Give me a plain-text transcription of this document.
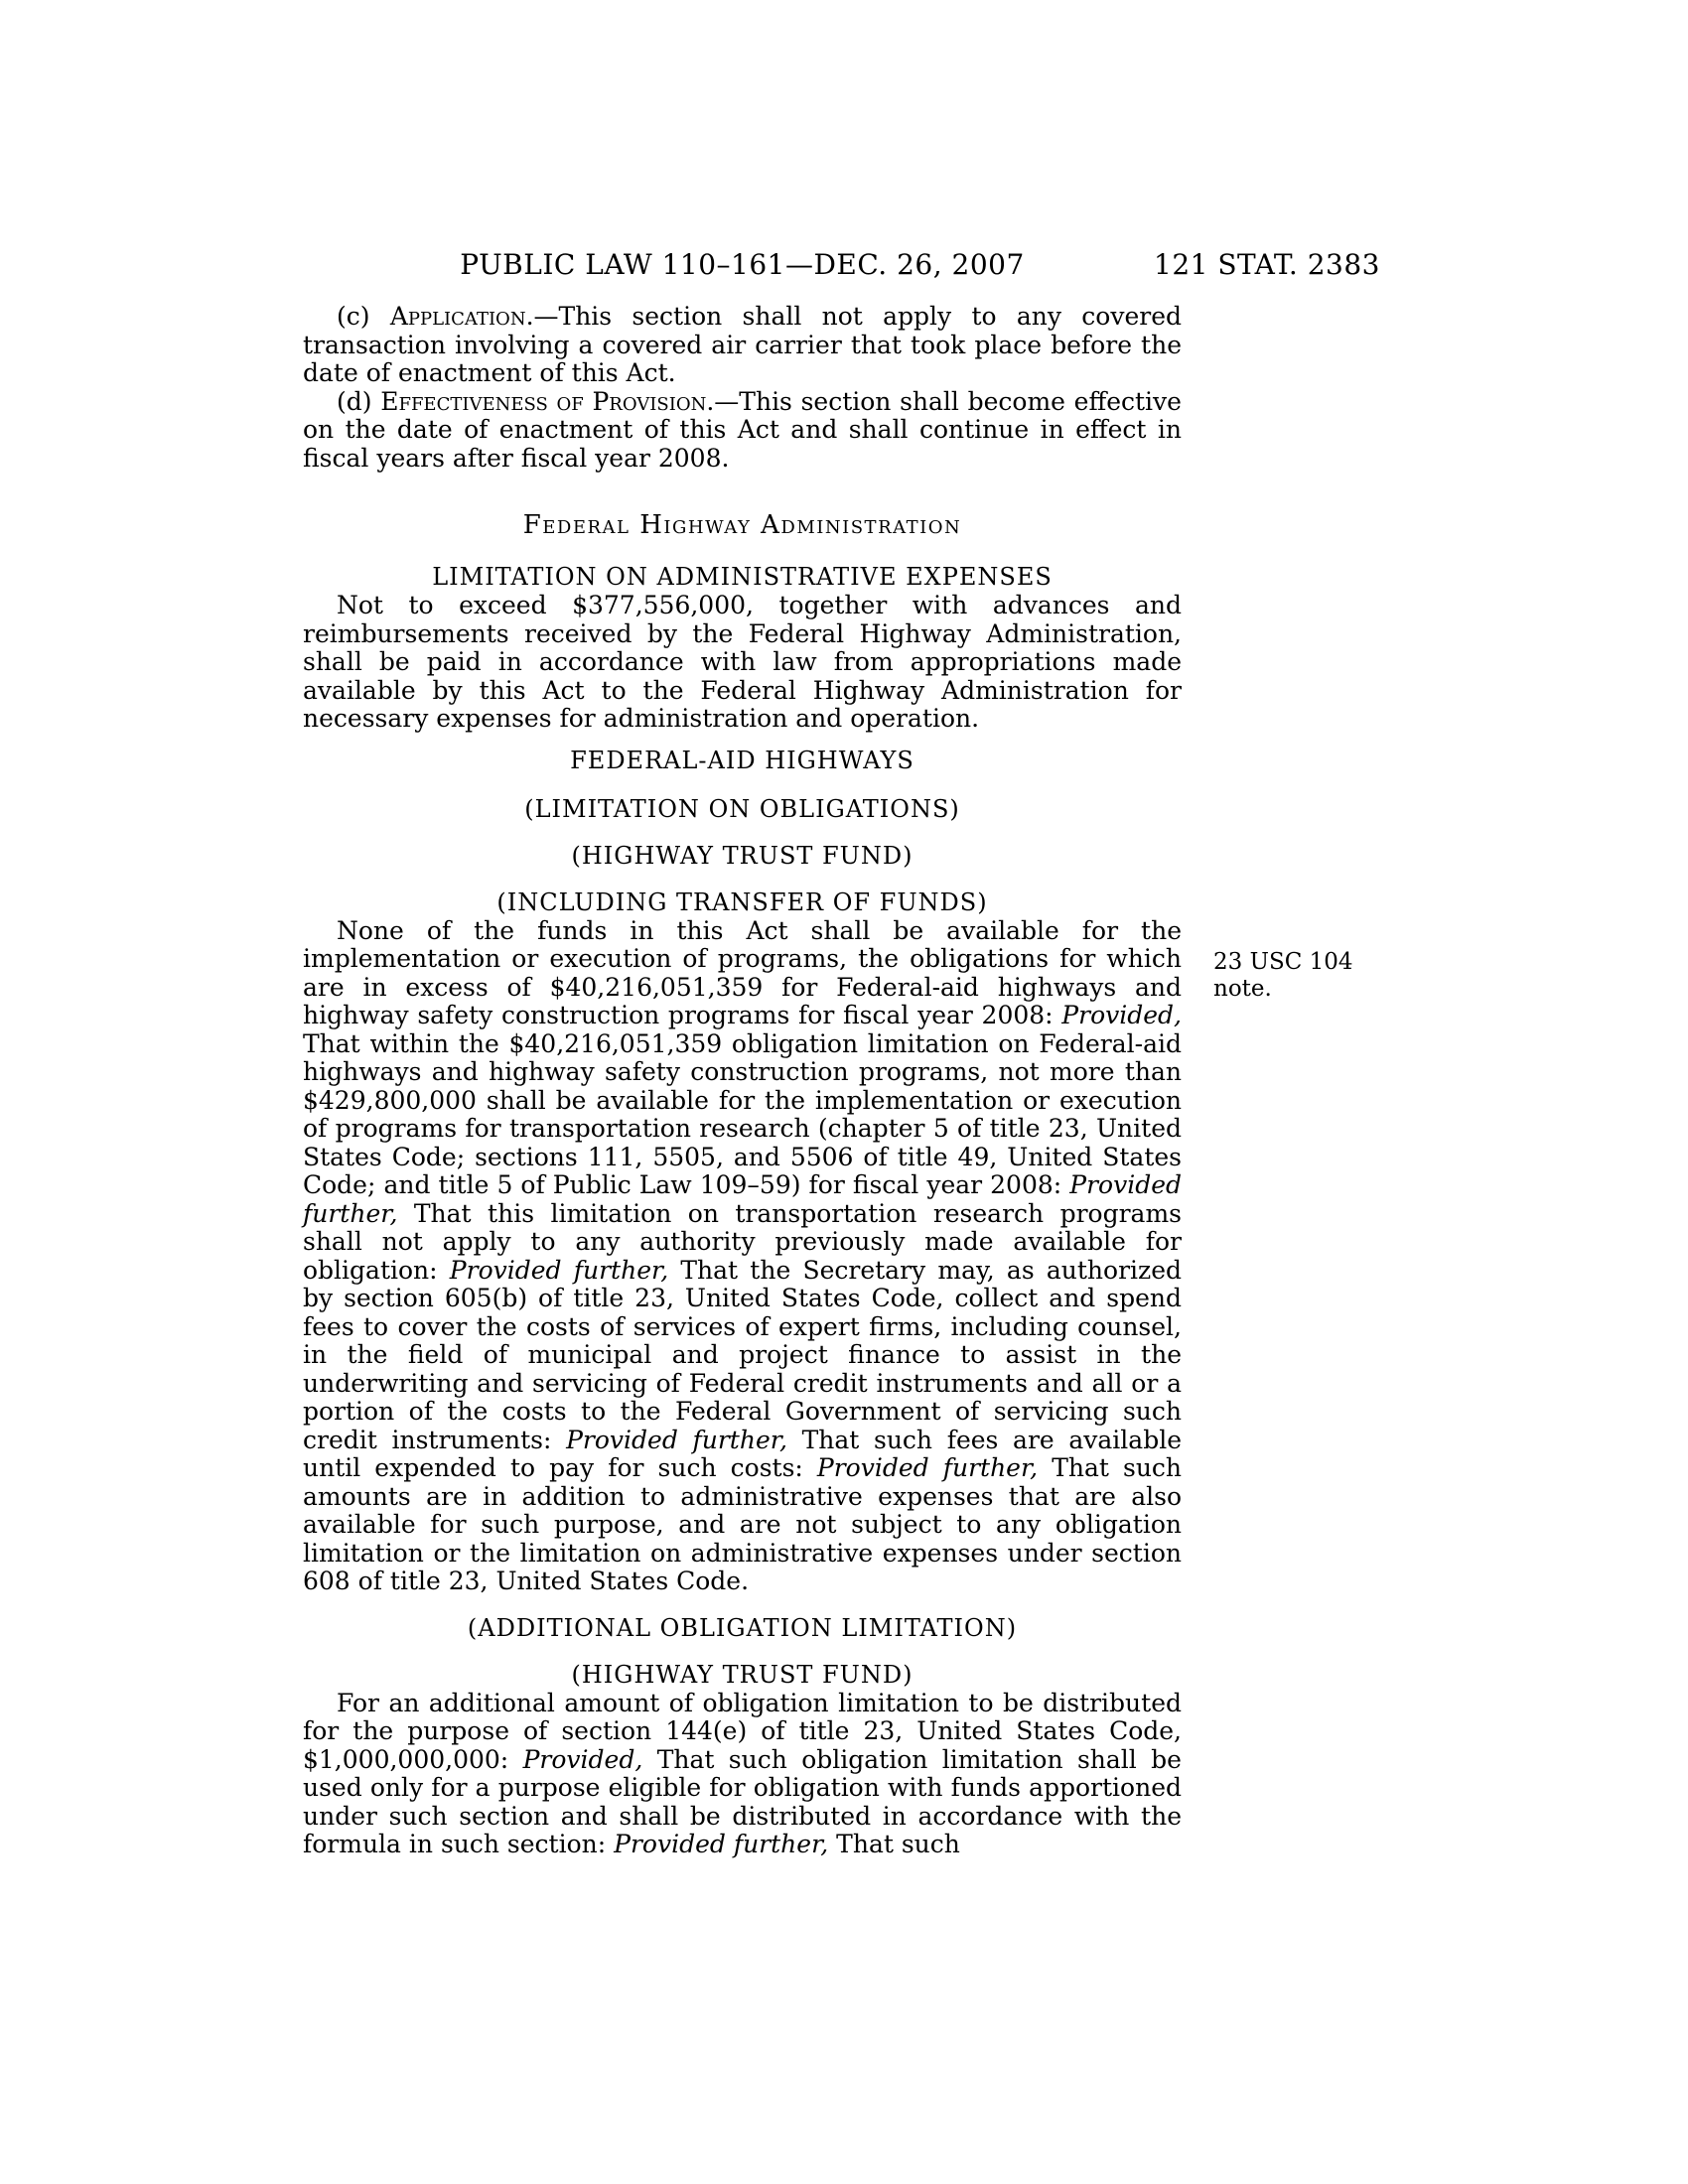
PUBLIC LAW 110–161—DEC. 26, 2007	121 STAT. 2383

(c) Application.—This section shall not apply to any covered transaction involving a covered air carrier that took place before the date of enactment of this Act.

(d) Effectiveness of Provision.—This section shall become effective on the date of enactment of this Act and shall continue in effect in fiscal years after fiscal year 2008.

Federal Highway Administration
LIMITATION ON ADMINISTRATIVE EXPENSES

Not to exceed $377,556,000, together with advances and reimbursements received by the Federal Highway Administration, shall be paid in accordance with law from appropriations made available by this Act to the Federal Highway Administration for necessary expenses for administration and operation.

FEDERAL-AID HIGHWAYS
(LIMITATION ON OBLIGATIONS)
(HIGHWAY TRUST FUND)
(INCLUDING TRANSFER OF FUNDS)

None of the funds in this Act shall be available for the implementation or execution of programs, the obligations for which are in excess of $40,216,051,359 for Federal-aid highways and highway safety construction programs for fiscal year 2008: Provided, That within the $40,216,051,359 obligation limitation on Federal-aid highways and highway safety construction programs, not more than $429,800,000 shall be available for the implementation or execution of programs for transportation research (chapter 5 of title 23, United States Code; sections 111, 5505, and 5506 of title 49, United States Code; and title 5 of Public Law 109–59) for fiscal year 2008: Provided further, That this limitation on transportation research programs shall not apply to any authority previously made available for obligation: Provided further, That the Secretary may, as authorized by section 605(b) of title 23, United States Code, collect and spend fees to cover the costs of services of expert firms, including counsel, in the field of municipal and project finance to assist in the underwriting and servicing of Federal credit instruments and all or a portion of the costs to the Federal Government of servicing such credit instruments: Provided further, That such fees are available until expended to pay for such costs: Provided further, That such amounts are in addition to administrative expenses that are also available for such purpose, and are not subject to any obligation limitation or the limitation on administrative expenses under section 608 of title 23, United States Code.

(ADDITIONAL OBLIGATION LIMITATION)
(HIGHWAY TRUST FUND)

For an additional amount of obligation limitation to be distributed for the purpose of section 144(e) of title 23, United States Code, $1,000,000,000: Provided, That such obligation limitation shall be used only for a purpose eligible for obligation with funds apportioned under such section and shall be distributed in accordance with the formula in such section: Provided further, That such

23 USC 104 note.
